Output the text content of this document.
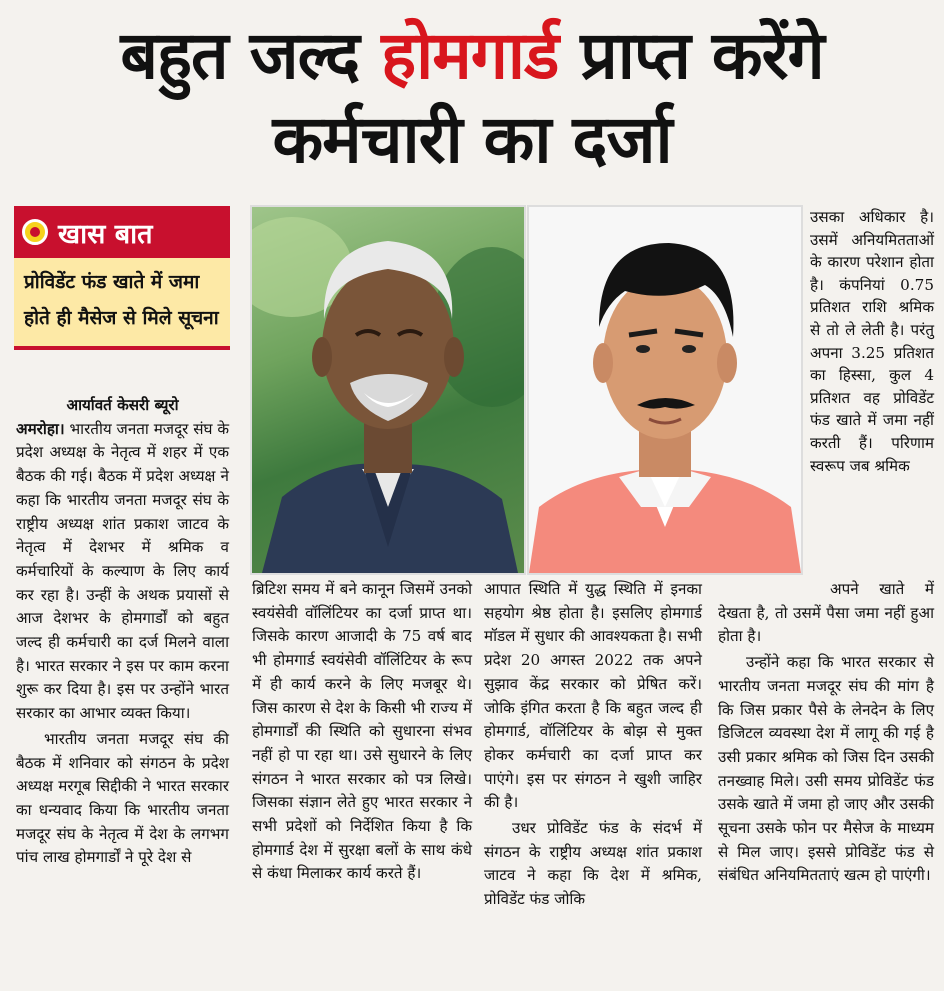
बहुत जल्द होमगार्ड प्राप्त करेंगे
कर्मचारी का दर्जा
खास बात
प्रोविडेंट फंड खाते में जमा होते ही मैसेज से मिले सूचना

आर्यावर्त केसरी ब्यूरो
अमरोहा। भारतीय जनता मजदूर संघ के प्रदेश अध्यक्ष के नेतृत्व में शहर में एक बैठक की गई। बैठक में प्रदेश अध्यक्ष ने कहा कि भारतीय जनता मजदूर संघ के राष्ट्रीय अध्यक्ष शांत प्रकाश जाटव के नेतृत्व में देशभर में श्रमिक व कर्मचारियों के कल्याण के लिए कार्य कर रहा है। उन्हीं के अथक प्रयासों से आज देशभर के होमगार्डों को बहुत जल्द ही कर्मचारी का दर्ज मिलने वाला है। भारत सरकार ने इस पर काम करना शुरू कर दिया है। इस पर उन्होंने भारत सरकार का आभार व्यक्त किया।

भारतीय जनता मजदूर संघ की बैठक में शनिवार को संगठन के प्रदेश अध्यक्ष मरगूब सिद्दीकी ने भारत सरकार का धन्यवाद किया कि भारतीय जनता मजदूर संघ के नेतृत्व में देश के लगभग पांच लाख होमगार्डों ने पूरे देश से

उसका अधिकार है। उसमें अनियमितताओं के कारण परेशान होता है। कंपनियां 0.75 प्रतिशत राशि श्रमिक से तो ले लेती है। परंतु अपना 3.25 प्रतिशत का हिस्सा, कुल 4 प्रतिशत वह प्रोविडेंट फंड खाते में जमा नहीं करती हैं। परिणाम स्वरूप जब श्रमिक

ब्रिटिश समय में बने कानून जिसमें उनको स्वयंसेवी वॉलिंटियर का दर्जा प्राप्त था। जिसके कारण आजादी के 75 वर्ष बाद भी होमगार्ड स्वयंसेवी वॉलिंटियर के रूप में ही कार्य करने के लिए मजबूर थे। जिस कारण से देश के किसी भी राज्य में होमगार्डों की स्थिति को सुधारना संभव नहीं हो पा रहा था। उसे सुधारने के लिए संगठन ने भारत सरकार को पत्र लिखे। जिसका संज्ञान लेते हुए भारत सरकार ने सभी प्रदेशों को निर्देशित किया है कि होमगार्ड देश में सुरक्षा बलों के साथ कंधे से कंधा मिलाकर कार्य करते हैं।

आपात स्थिति में युद्ध स्थिति में इनका सहयोग श्रेष्ठ होता है। इसलिए होमगार्ड मॉडल में सुधार की आवश्यकता है। सभी प्रदेश 20 अगस्त 2022 तक अपने सुझाव केंद्र सरकार को प्रेषित करें। जोकि इंगित करता है कि बहुत जल्द ही होमगार्ड, वॉलिंटियर के बोझ से मुक्त होकर कर्मचारी का दर्जा प्राप्त कर पाएंगे। इस पर संगठन ने खुशी जाहिर की है।

उधर प्रोविडेंट फंड के संदर्भ में संगठन के राष्ट्रीय अध्यक्ष शांत प्रकाश जाटव ने कहा कि देश में श्रमिक, प्रोविडेंट फंड जोकि

अपने खाते में देखता है, तो उसमें पैसा जमा नहीं हुआ होता है।

उन्होंने कहा कि भारत सरकार से भारतीय जनता मजदूर संघ की मांग है कि जिस प्रकार पैसे के लेनदेन के लिए डिजिटल व्यवस्था देश में लागू की गई है उसी प्रकार श्रमिक को जिस दिन उसकी तनख्वाह मिले। उसी समय प्रोविडेंट फंड उसके खाते में जमा हो जाए और उसकी सूचना उसके फोन पर मैसेज के माध्यम से मिल जाए। इससे प्रोविडेंट फंड से संबंधित अनियमितताएं खत्म हो पाएंगी।
